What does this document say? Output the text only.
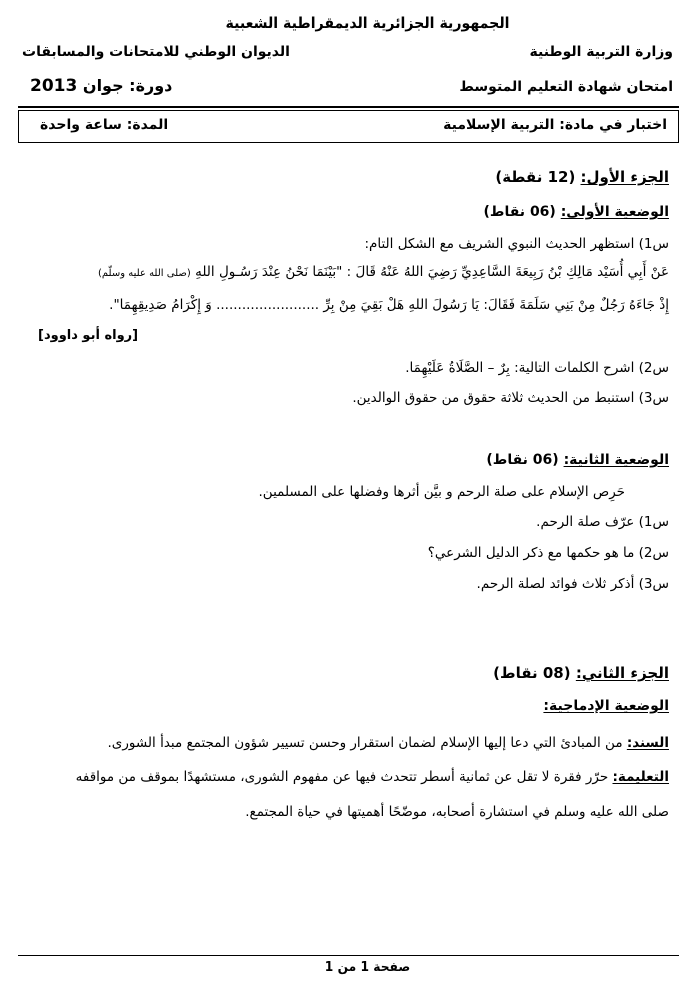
الجمهورية الجزائرية الديمقراطية الشعبية
وزارة التربية الوطنية
الديوان الوطني للامتحانات والمسابقات
امتحان شهادة التعليم المتوسط
دورة: جوان 2013
اختبار في مادة: التربية الإسلامية
المدة: ساعة واحدة
الجزء الأول: (12 نقطة)
الوضعية الأولى: (06 نقاط)
س1) استظهر الحديث النبوي الشريف مع الشكل التام:
عَنْ أَبِي أُسَيْد مَالِكِ بْنُ رَبِيعَةَ السَّاعِدِيِّ رَضِيَ اللهُ عَنْهُ قَالَ : "بَيْنَمَا نَحْنُ عِنْدَ رَسُـولِ اللهِ (صلى الله عليه وسلّم)
إِذْ جَاءَهُ رَجُلٌ مِنْ بَنِي سَلَمَةَ فَقَالَ: يَا رَسُولَ اللهِ هَلْ بَقِيَ مِنْ بِرِّ ........................ وَ إِكْرَامُ صَدِيقِهِمَا".
[رواه أبو داوود]
س2) اشرح الكلمات التالية: بِرٌ – الصَّلَاةُ عَلَيْهِمَا.
س3) استنبط من الحديث ثلاثة حقوق من حقوق الوالدين.
الوضعية الثانية: (06 نقاط)
حَرِص الإسلام على صلة الرحم و بيَّن أثرها وفضلها على المسلمين.
س1) عرّف صلة الرحم.
س2) ما هو حكمها مع ذكر الدليل الشرعي؟
س3) أذكر ثلاث فوائد لصلة الرحم.
الجزء الثاني: (08 نقاط)
الوضعية الإدماجية:
السند: من المبادئ التي دعا إليها الإسلام لضمان استقرار وحسن تسيير شؤون المجتمع مبدأ الشورى.
التعليمة: حرّر فقرة لا تقل عن ثمانية أسطر تتحدث فيها عن مفهوم الشورى، مستشهدًا بموقف من مواقفه
صلى الله عليه وسلم في استشارة أصحابه، موضّحًا أهميتها في حياة المجتمع.
صفحة 1 من 1
